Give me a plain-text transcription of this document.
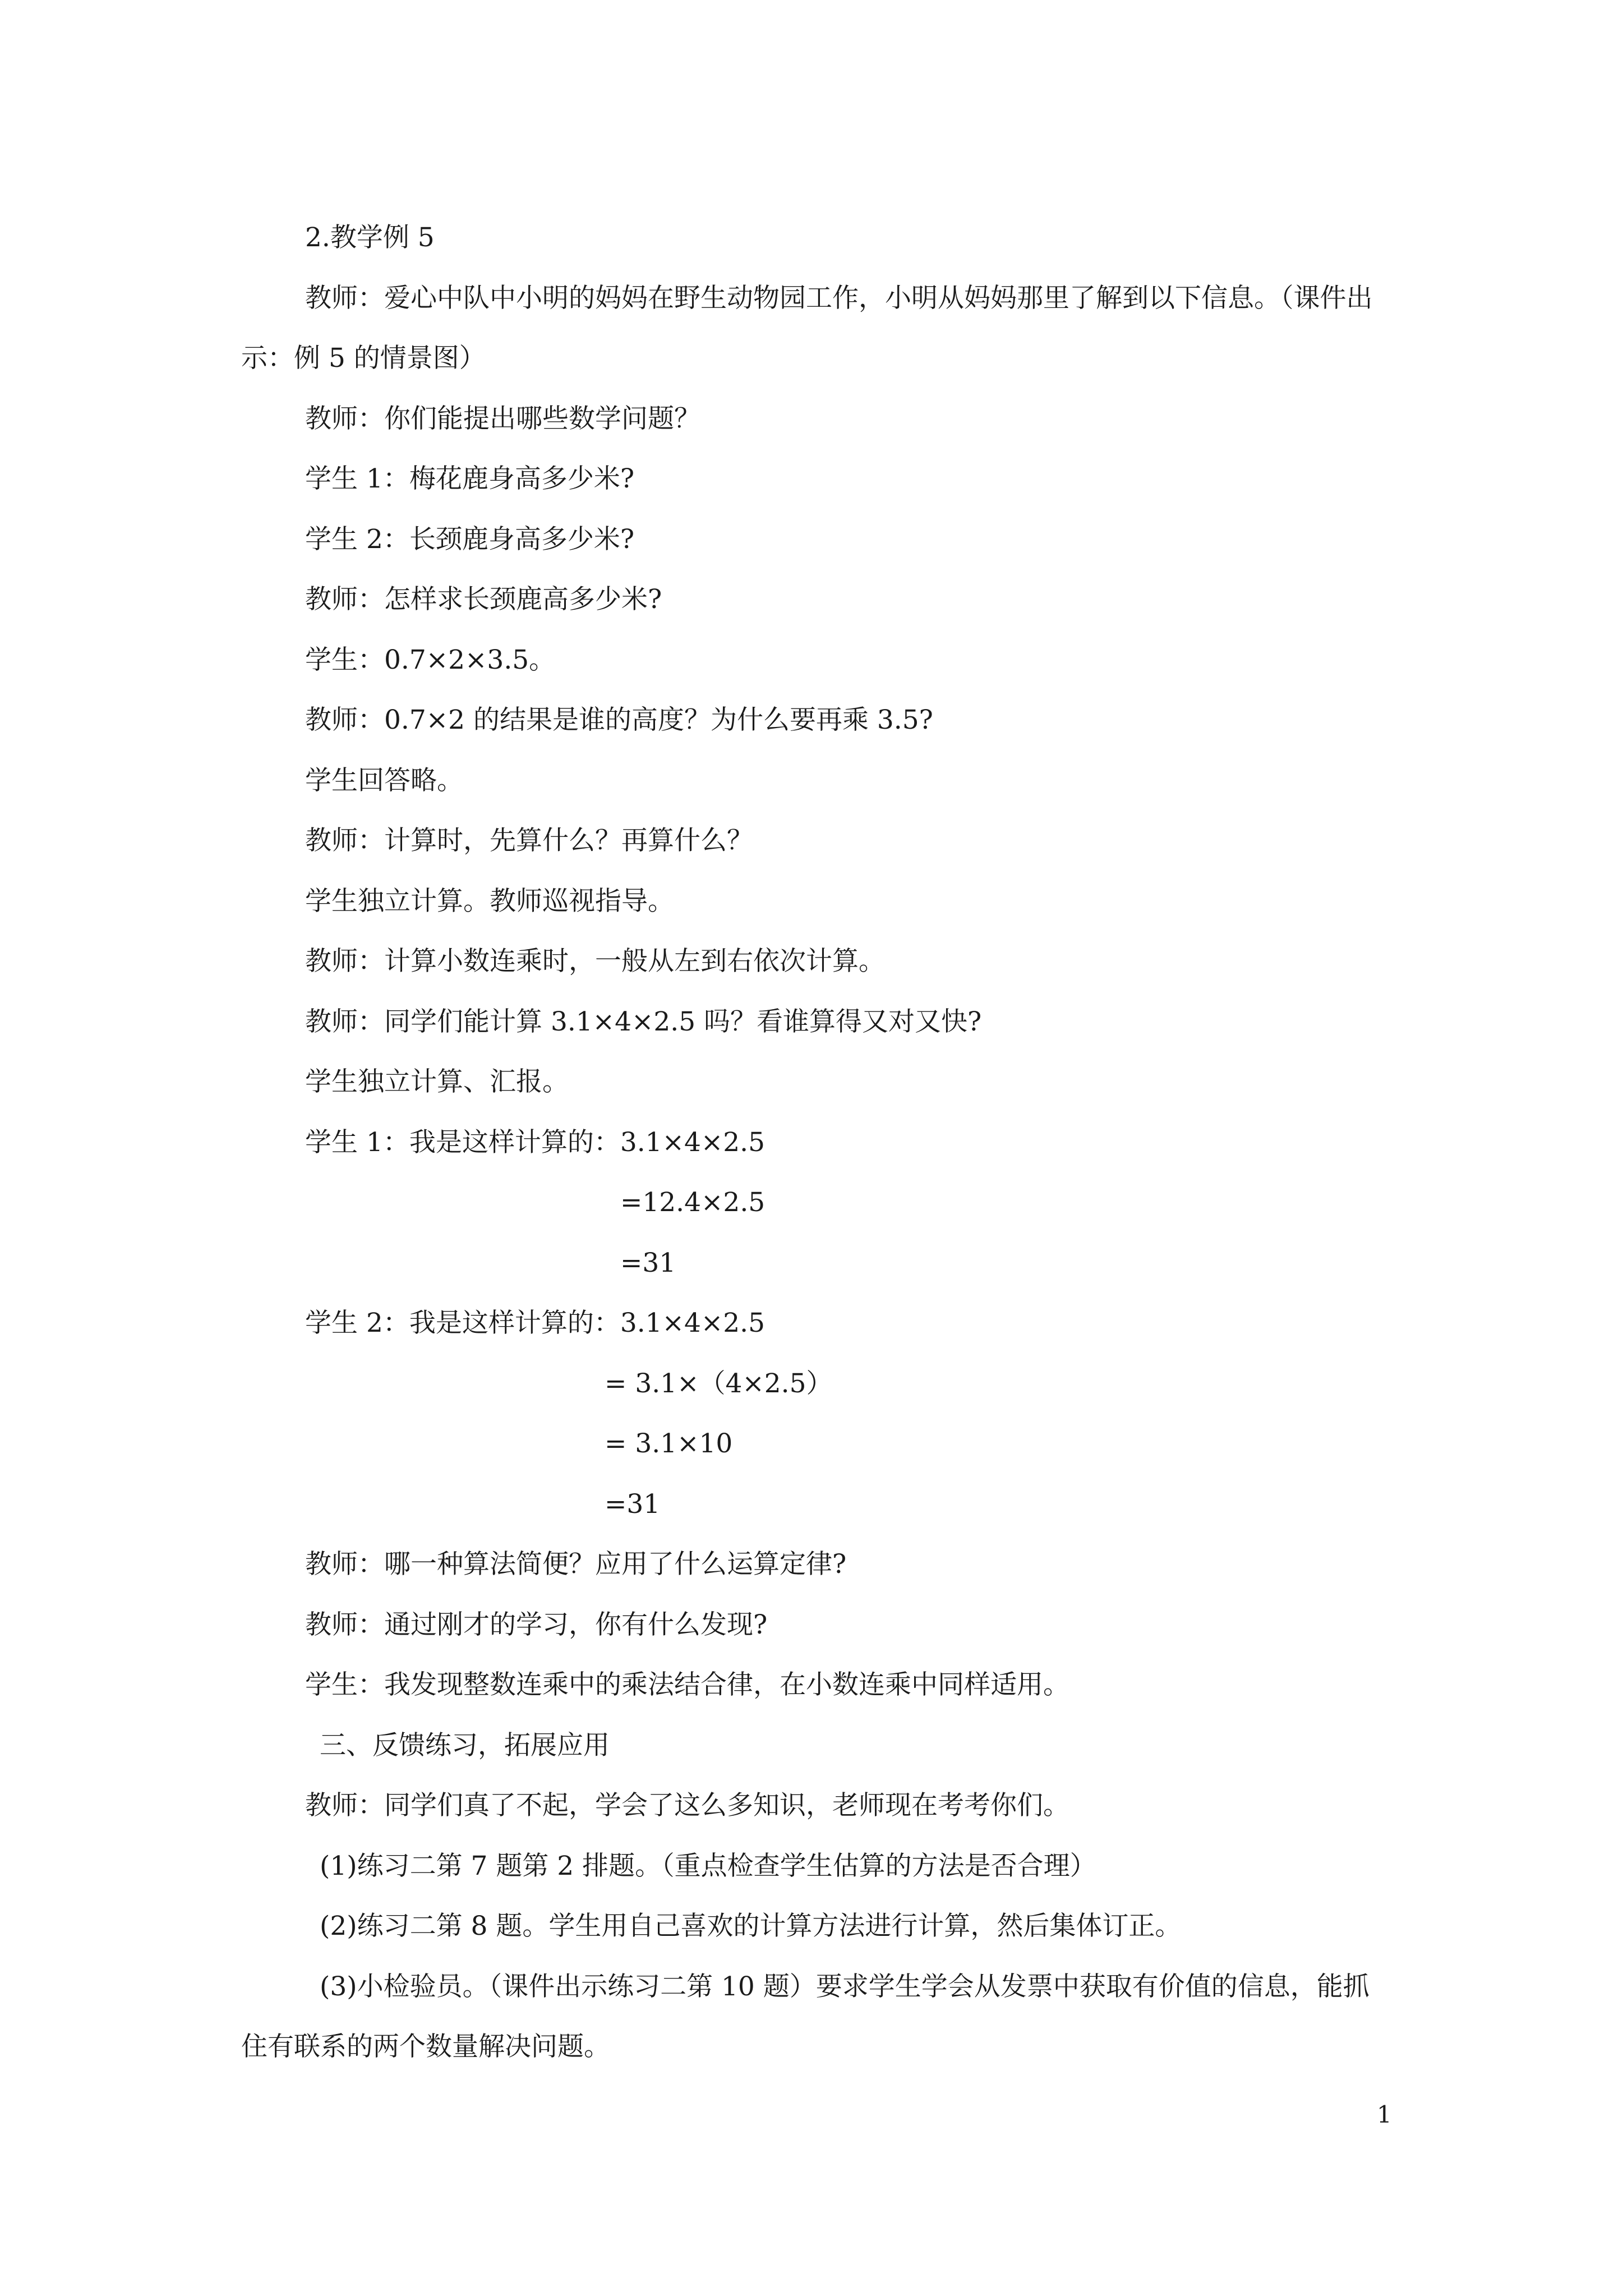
2.教学例 5
教师：爱心中队中小明的妈妈在野生动物园工作，小明从妈妈那里了解到以下信息。（课件出示：例 5 的情景图）
教师：你们能提出哪些数学问题？
学生 1：梅花鹿身高多少米?
学生 2：长颈鹿身高多少米?
教师：怎样求长颈鹿高多少米?
学生：0.7×2×3.5。
教师：0.7×2 的结果是谁的高度？为什么要再乘 3.5?
学生回答略。
教师：计算时，先算什么？再算什么？
学生独立计算。教师巡视指导。
教师：计算小数连乘时，一般从左到右依次计算。
教师：同学们能计算 3.1×4×2.5 吗？看谁算得又对又快?
学生独立计算、汇报。
学生 1：我是这样计算的：3.1×4×2.5
=12.4×2.5
=31
学生 2：我是这样计算的：3.1×4×2.5
= 3.1×（4×2.5）
= 3.1×10
=31
教师：哪一种算法简便？应用了什么运算定律?
教师：通过刚才的学习，你有什么发现?
学生：我发现整数连乘中的乘法结合律，在小数连乘中同样适用。
三、反馈练习，拓展应用
教师：同学们真了不起，学会了这么多知识，老师现在考考你们。
(1)练习二第 7 题第 2 排题。（重点检查学生估算的方法是否合理）
(2)练习二第 8 题。学生用自己喜欢的计算方法进行计算，然后集体订正。
(3)小检验员。（课件出示练习二第 10 题）要求学生学会从发票中获取有价值的信息，能抓住有联系的两个数量解决问题。
1
